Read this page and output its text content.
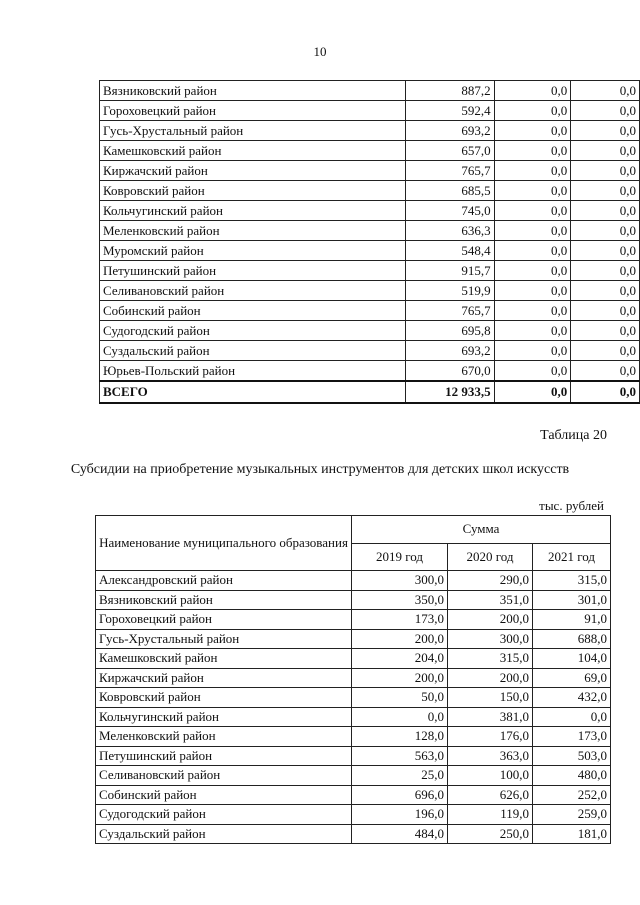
10
Вязниковский район	887,2	0,0	0,0
Гороховецкий район	592,4	0,0	0,0
Гусь-Хрустальный район	693,2	0,0	0,0
Камешковский район	657,0	0,0	0,0
Киржачский район	765,7	0,0	0,0
Ковровский район	685,5	0,0	0,0
Кольчугинский район	745,0	0,0	0,0
Меленковский район	636,3	0,0	0,0
Муромский район	548,4	0,0	0,0
Петушинский район	915,7	0,0	0,0
Селивановский район	519,9	0,0	0,0
Собинский район	765,7	0,0	0,0
Судогодский район	695,8	0,0	0,0
Суздальский район	693,2	0,0	0,0
Юрьев-Польский район	670,0	0,0	0,0
ВСЕГО	12 933,5	0,0	0,0
Таблица 20
Субсидии на приобретение музыкальных инструментов для детских школ искусств
тыс. рублей
Наименование муниципального образования	Сумма		
	2019 год	2020 год	2021 год
Александровский район	300,0	290,0	315,0
Вязниковский район	350,0	351,0	301,0
Гороховецкий район	173,0	200,0	91,0
Гусь-Хрустальный район	200,0	300,0	688,0
Камешковский район	204,0	315,0	104,0
Киржачский район	200,0	200,0	69,0
Ковровский район	50,0	150,0	432,0
Кольчугинский район	0,0	381,0	0,0
Меленковский район	128,0	176,0	173,0
Петушинский район	563,0	363,0	503,0
Селивановский район	25,0	100,0	480,0
Собинский район	696,0	626,0	252,0
Судогодский район	196,0	119,0	259,0
Суздальский район	484,0	250,0	181,0
